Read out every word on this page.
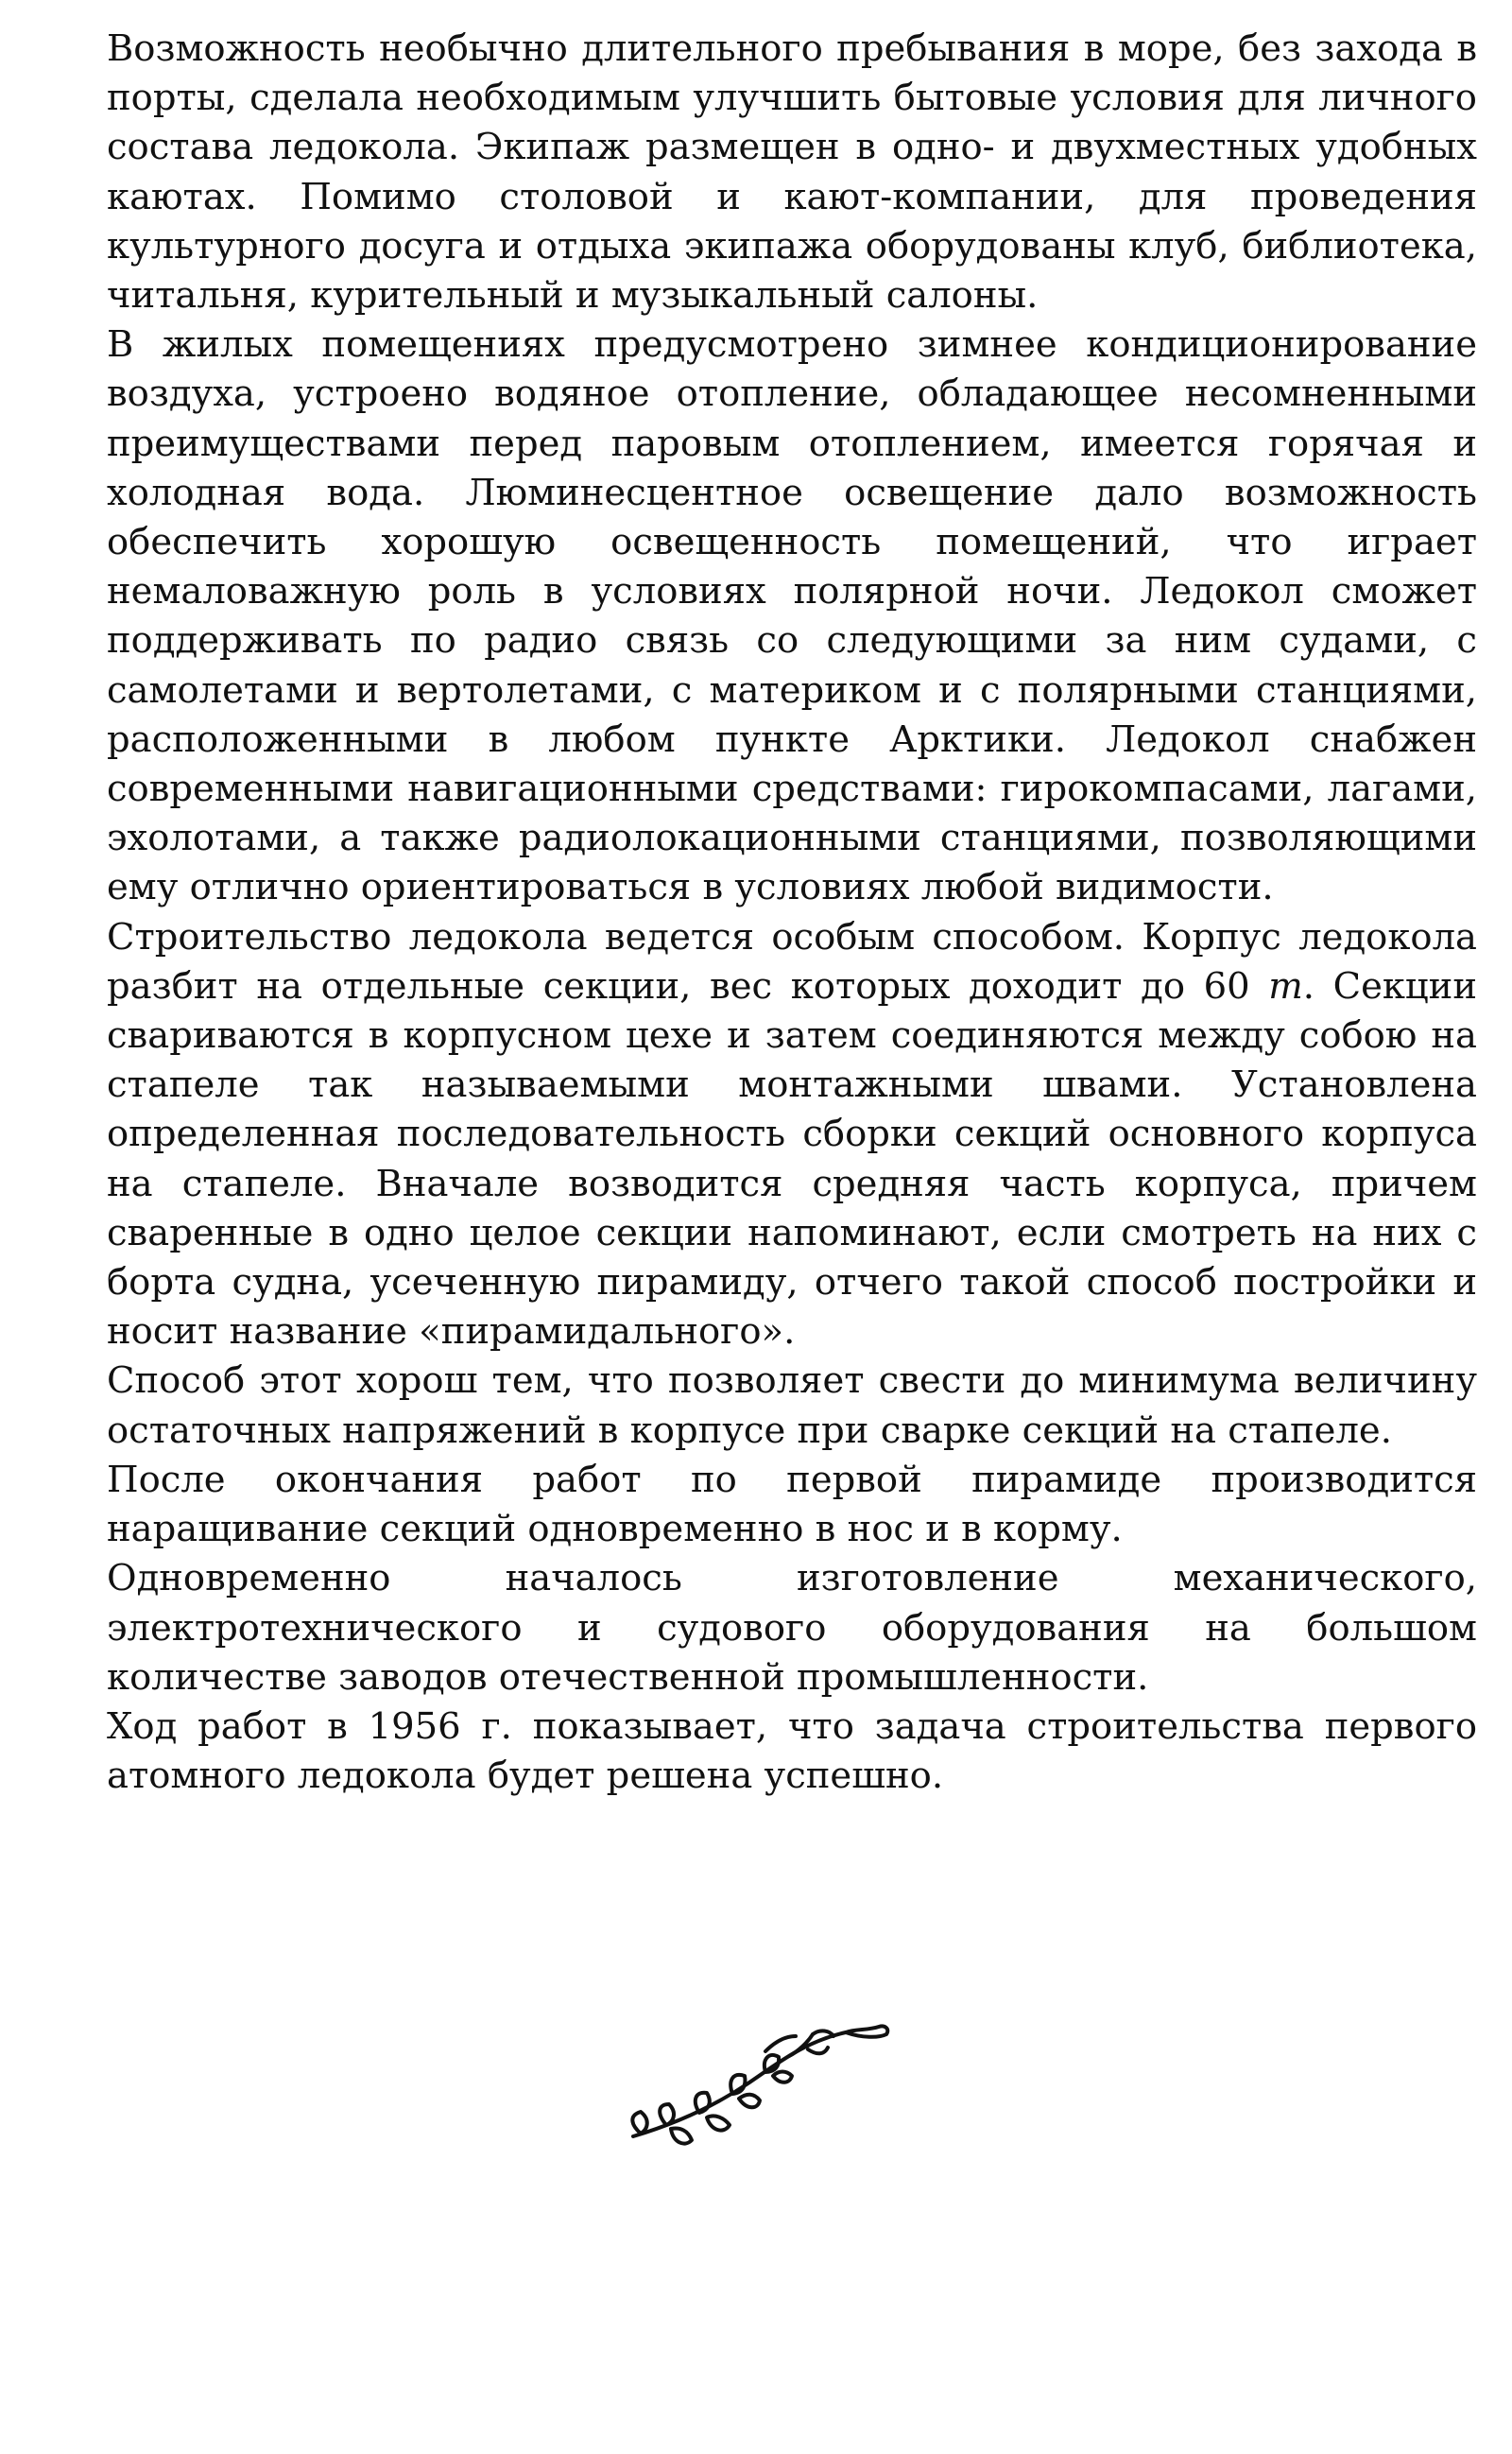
Возможность необычно длительного пребывания в море, без захода в порты, сделала необходимым улучшить бытовые условия для личного состава ледокола. Экипаж размещен в одно- и двухместных удобных каютах. Помимо столовой и кают-компании, для проведения культурного досуга и отдыха экипажа оборудованы клуб, библиотека, читальня, курительный и музыкальный салоны.

В жилых помещениях предусмотрено зимнее кондиционирование воздуха, устроено водяное отопление, обладающее несомненными преимуществами перед паровым отоплением, имеется горячая и холодная вода. Люминесцентное освещение дало возможность обеспечить хорошую освещенность помещений, что играет немаловажную роль в условиях полярной ночи. Ледокол сможет поддерживать по радио связь со следующими за ним судами, с самолетами и вертолетами, с материком и с полярными станциями, расположенными в любом пункте Арктики. Ледокол снабжен современными навигационными средствами: гирокомпасами, лагами, эхолотами, а также радиолокационными станциями, позволяющими ему отлично ориентироваться в условиях любой видимости.

Строительство ледокола ведется особым способом. Корпус ледокола разбит на отдельные секции, вес которых доходит до 60 т. Секции свариваются в корпусном цехе и затем соединяются между собою на стапеле так называемыми монтажными швами. Установлена определенная последовательность сборки секций основного корпуса на стапеле. Вначале возводится средняя часть корпуса, причем сваренные в одно целое секции напоминают, если смотреть на них с борта судна, усеченную пирамиду, отчего такой способ постройки и носит название «пирамидального».

Способ этот хорош тем, что позволяет свести до минимума величину остаточных напряжений в корпусе при сварке секций на стапеле.

После окончания работ по первой пирамиде производится наращивание секций одновременно в нос и в корму.

Одновременно началось изготовление механического, электротехнического и судового оборудования на большом количестве заводов отечественной промышленности.

Ход работ в 1956 г. показывает, что задача строительства первого атомного ледокола будет решена успешно.
